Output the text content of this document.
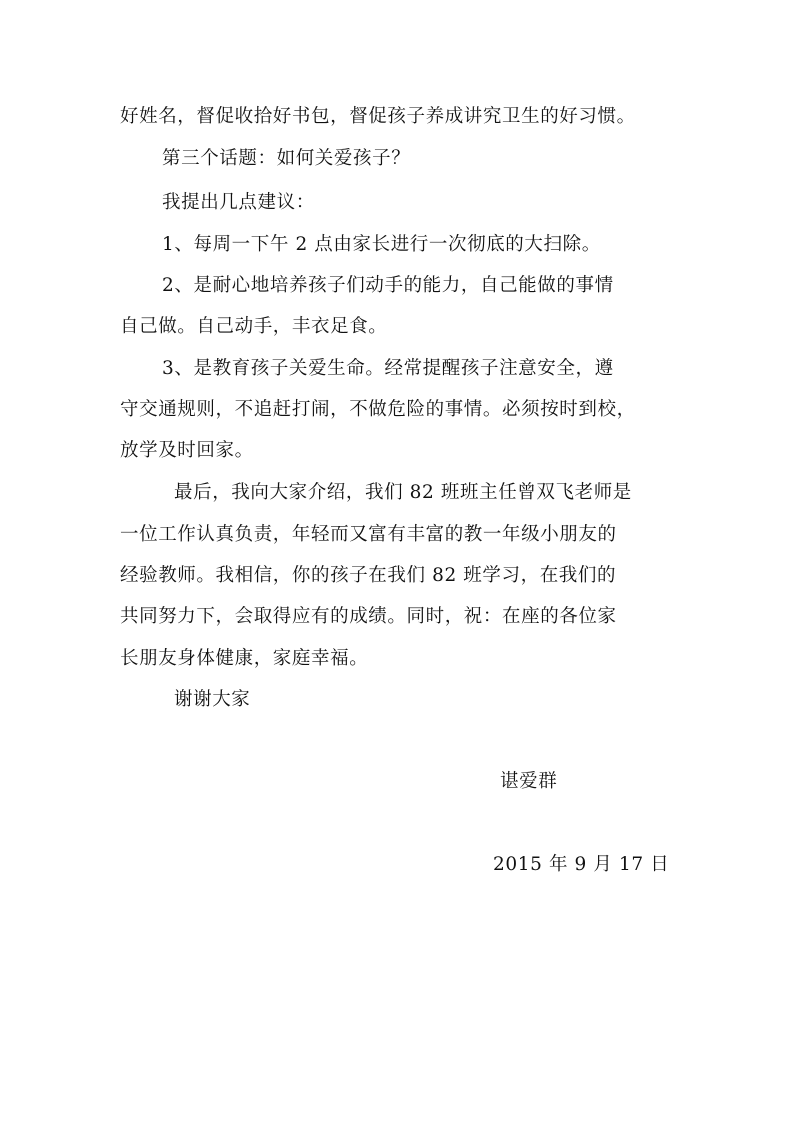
好姓名，督促收拾好书包，督促孩子养成讲究卫生的好习惯。
第三个话题：如何关爱孩子？
我提出几点建议：
1、每周一下午 2 点由家长进行一次彻底的大扫除。
2、是耐心地培养孩子们动手的能力，自己能做的事情
自己做。自己动手，丰衣足食。
3、是教育孩子关爱生命。经常提醒孩子注意安全，遵
守交通规则，不追赶打闹，不做危险的事情。必须按时到校，
放学及时回家。
最后，我向大家介绍，我们 82 班班主任曾双飞老师是
一位工作认真负责，年轻而又富有丰富的教一年级小朋友的
经验教师。我相信，你的孩子在我们 82 班学习，在我们的
共同努力下，会取得应有的成绩。同时，祝：在座的各位家
长朋友身体健康，家庭幸福。
谢谢大家
谌爱群
2015 年 9 月 17 日
